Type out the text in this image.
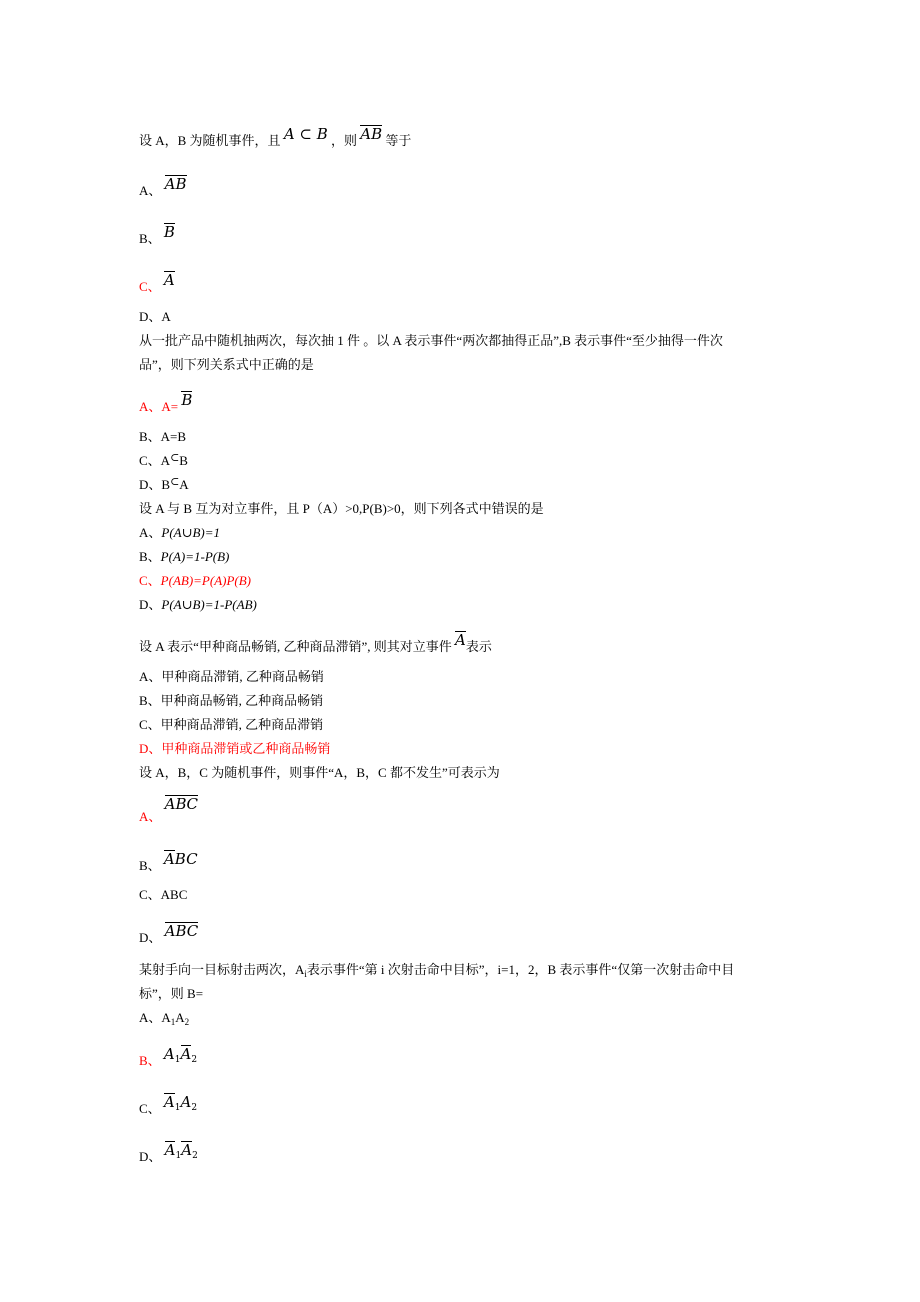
设 A，B 为随机事件，且 A ⊂ B ，则 AB 等于
A、 AB
B、 B
C、 A
D、A
从一批产品中随机抽两次，每次抽 1 件 。以 A 表示事件“两次都抽得正品”,B 表示事件“至少抽得一件次
品”，则下列关系式中正确的是
A、A= B
B、A=B
C、A⊂B
D、B⊂A
设 A 与 B 互为对立事件，且 P（A）>0,P(B)>0，则下列各式中错误的是
A、P(A∪B)=1
B、P(A)=1-P(B)
C、P(AB)=P(A)P(B)
D、P(A∪B)=1-P(AB)
设 A 表示“甲种商品畅销, 乙种商品滞销”, 则其对立事件 A表示
A、甲种商品滞销, 乙种商品畅销
B、甲种商品畅销, 乙种商品畅销
C、甲种商品滞销, 乙种商品滞销
D、甲种商品滞销或乙种商品畅销
设 A，B，C 为随机事件，则事件“A，B，C 都不发生”可表示为
A、 ABC
B、 ABC
C、ABC
D、 ABC
某射手向一目标射击两次，$A_i$表示事件“第 i 次射击命中目标”，i=1，2，B 表示事件“仅第一次射击命中目
标”，则 B=
A、$A_1A_2$
B、 $A_1A_2$
C、 $A_1A_2$
D、 $A_1A_2$
